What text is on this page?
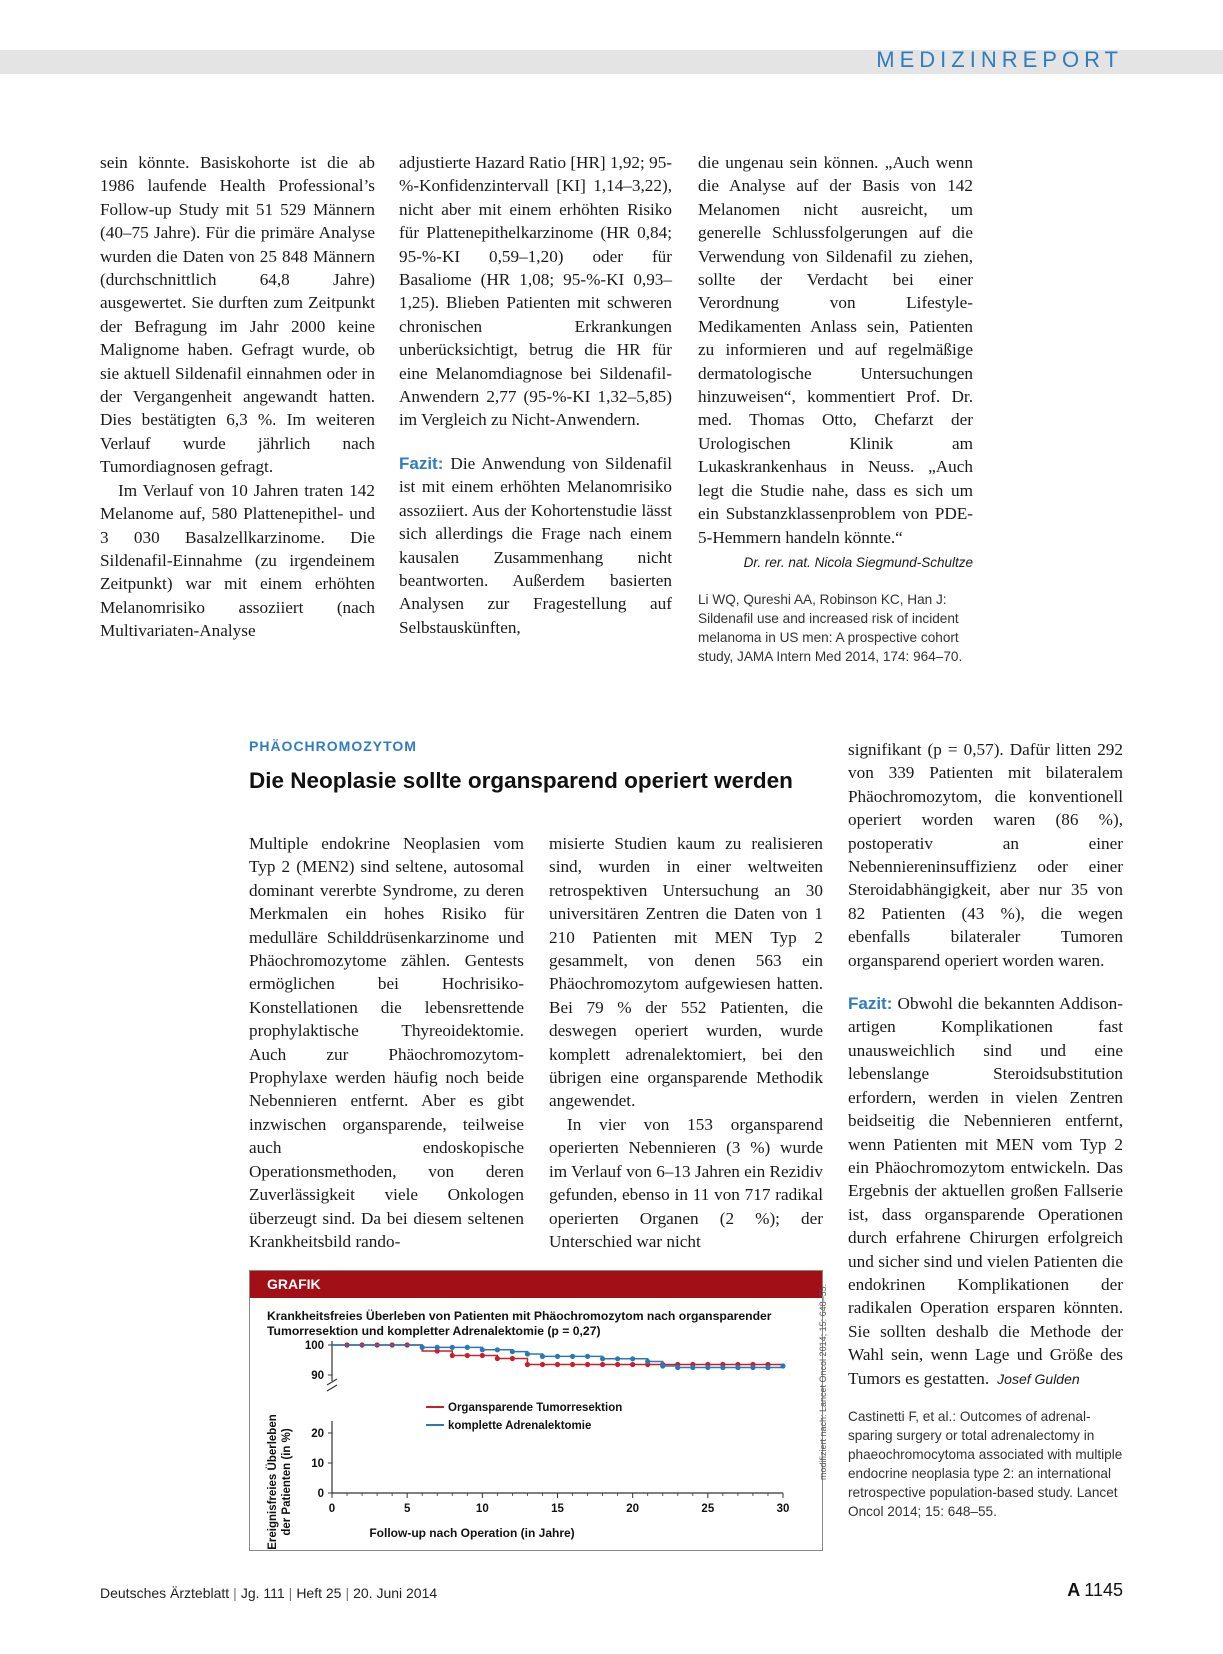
MEDIZINREPORT

sein könnte. Basiskohorte ist die ab 1986 laufende Health Professional’s Follow-up Study mit 51 529 Männern (40–75 Jahre). Für die primäre Analyse wurden die Daten von 25 848 Männern (durchschnittlich 64,8 Jahre) ausgewertet. Sie durften zum Zeitpunkt der Befragung im Jahr 2000 keine Malignome haben. Gefragt wurde, ob sie aktuell Sildenafil einnahmen oder in der Vergangenheit angewandt hatten. Dies bestätigten 6,3 %. Im weiteren Verlauf wurde jährlich nach Tumordiagnosen gefragt.

Im Verlauf von 10 Jahren traten 142 Melanome auf, 580 Plattenepithel- und 3 030 Basalzellkarzinome. Die Sildenafil-Einnahme (zu irgendeinem Zeitpunkt) war mit einem erhöhten Melanomrisiko assoziiert (nach Multivariaten-Analyse

adjustierte Hazard Ratio [HR] 1,92; 95-%-Konfidenzintervall [KI] 1,14–3,22), nicht aber mit einem erhöhten Risiko für Plattenepithelkarzinome (HR 0,84; 95-%-KI 0,59–1,20) oder für Basaliome (HR 1,08; 95-%-KI 0,93–1,25). Blieben Patienten mit schweren chronischen Erkrankungen unberücksichtigt, betrug die HR für eine Melanomdiagnose bei Sildenafil-Anwendern 2,77 (95-%-KI 1,32–5,85) im Vergleich zu Nicht-Anwendern.

Fazit: Die Anwendung von Sildenafil ist mit einem erhöhten Melanomrisiko assoziiert. Aus der Kohortenstudie lässt sich allerdings die Frage nach einem kausalen Zusammenhang nicht beantworten. Außerdem basierten Analysen zur Fragestellung auf Selbstauskünften,

die ungenau sein können. „Auch wenn die Analyse auf der Basis von 142 Melanomen nicht ausreicht, um generelle Schlussfolgerungen auf die Verwendung von Sildenafil zu ziehen, sollte der Verdacht bei einer Verordnung von Lifestyle-Medikamenten Anlass sein, Patienten zu informieren und auf regelmäßige dermatologische Untersuchungen hinzuweisen“, kommentiert Prof. Dr. med. Thomas Otto, Chefarzt der Urologischen Klinik am Lukaskrankenhaus in Neuss. „Auch legt die Studie nahe, dass es sich um ein Substanzklassenproblem von PDE-5-Hemmern handeln könnte.“

Dr. rer. nat. Nicola Siegmund-Schultze
Li WQ, Qureshi AA, Robinson KC, Han J: Sildenafil use and increased risk of incident melanoma in US men: A prospective cohort study, JAMA Intern Med 2014, 174: 964–70.
PHÄOCHROMOZYTOM
Die Neoplasie sollte organsparend operiert werden

Multiple endokrine Neoplasien vom Typ 2 (MEN2) sind seltene, autosomal dominant vererbte Syndrome, zu deren Merkmalen ein hohes Risiko für medulläre Schilddrüsenkarzinome und Phäochromozytome zählen. Gentests ermöglichen bei Hochrisiko-Konstellationen die lebensrettende prophylaktische Thyreoidektomie. Auch zur Phäochromozytom-Prophylaxe werden häufig noch beide Nebennieren entfernt. Aber es gibt inzwischen organsparende, teilweise auch endoskopische Operationsmethoden, von deren Zuverlässigkeit viele Onkologen überzeugt sind. Da bei diesem seltenen Krankheitsbild rando-

misierte Studien kaum zu realisieren sind, wurden in einer weltweiten retrospektiven Untersuchung an 30 universitären Zentren die Daten von 1 210 Patienten mit MEN Typ 2 gesammelt, von denen 563 ein Phäochromozytom aufgewiesen hatten. Bei 79 % der 552 Patienten, die deswegen operiert wurden, wurde komplett adrenalektomiert, bei den übrigen eine organsparende Methodik angewendet.

In vier von 153 organsparend operierten Nebennieren (3 %) wurde im Verlauf von 6–13 Jahren ein Rezidiv gefunden, ebenso in 11 von 717 radikal operierten Organen (2 %); der Unterschied war nicht

signifikant (p = 0,57). Dafür litten 292 von 339 Patienten mit bilateralem Phäochromozytom, die konventionell operiert worden waren (86 %), postoperativ an einer Nebenniereninsuffizienz oder einer Steroidabhängigkeit, aber nur 35 von 82 Patienten (43 %), die wegen ebenfalls bilateraler Tumoren organsparend operiert worden waren.

Fazit: Obwohl die bekannten Addison-artigen Komplikationen fast unausweichlich sind und eine lebenslange Steroidsubstitution erfordern, werden in vielen Zentren beidseitig die Nebennieren entfernt, wenn Patienten mit MEN vom Typ 2 ein Phäochromozytom entwickeln. Das Ergebnis der aktuellen großen Fallserie ist, dass organsparende Operationen durch erfahrene Chirurgen erfolgreich und sicher sind und vielen Patienten die endokrinen Komplikationen der radikalen Operation ersparen könnten. Sie sollten deshalb die Methode der Wahl sein, wenn Lage und Größe des Tumors es gestatten. Josef Gulden

Castinetti F, et al.: Outcomes of adrenal-sparing surgery or total adrenalectomy in phaeochromocytoma associated with multiple endocrine neoplasia type 2: an international retrospective population-based study. Lancet Oncol 2014; 15: 648–55.
GRAFIK
Krankheitsfreies Überleben von Patienten mit Phäochromozytom nach organsparender Tumorresektion und kompletter Adrenalektomie (p = 0,27)
0
10
20
90
100
0	5	10	15	20	25	30
Organsparende Tumorresektion
komplette Adrenalektomie
Follow-up nach Operation (in Jahre)
Ereignisfreies Überleben der Patienten (in %)
modifiziert nach: Lancet Oncol 2014; 15: 648–55.
Deutsches Ärzteblatt | Jg. 111 | Heft 25 | 20. Juni 2014	A 1145
